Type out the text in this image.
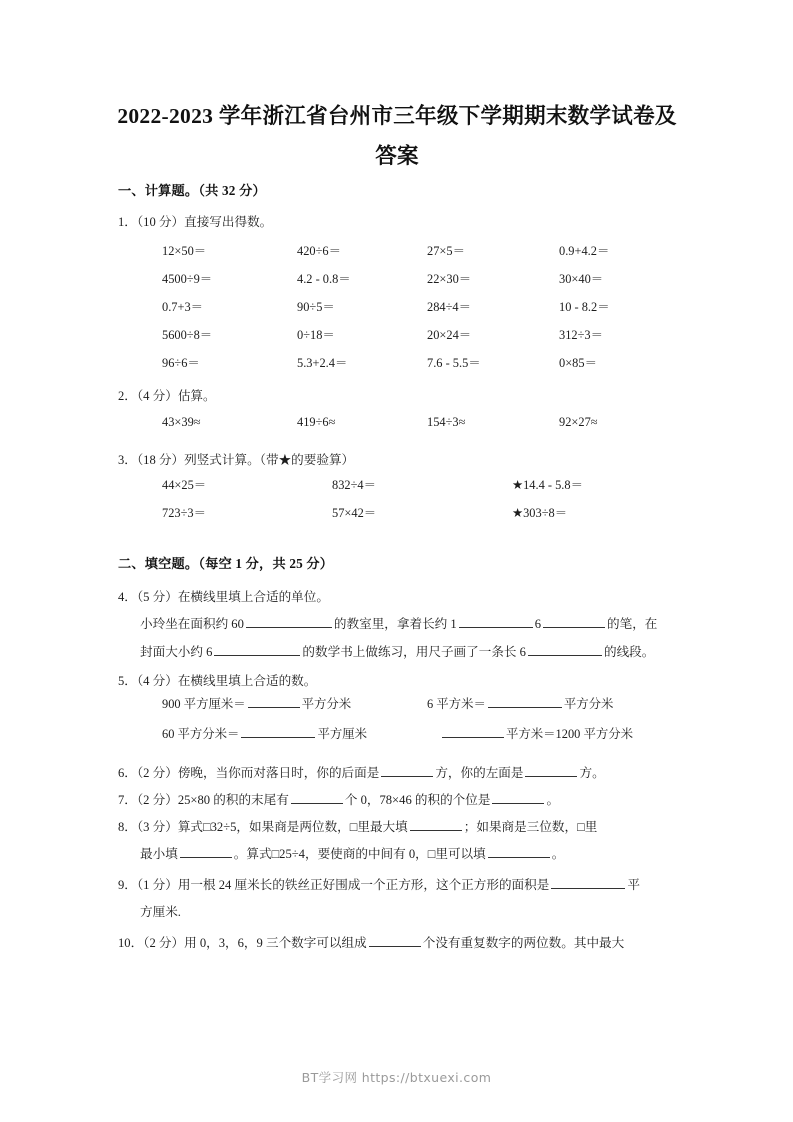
2022-2023 学年浙江省台州市三年级下学期期末数学试卷及答案
一、计算题。（共 32 分）
1．（10 分）直接写出得数。
12×50＝	420÷6＝	27×5＝	0.9+4.2＝
4500÷9＝	4.2 - 0.8＝	22×30＝	30×40＝
0.7+3＝	90÷5＝	284÷4＝	10 - 8.2＝
5600÷8＝	0÷18＝	20×24＝	312÷3＝
96÷6＝	5.3+2.4＝	7.6 - 5.5＝	0×85＝
2．（4 分）估算。
43×39≈	419÷6≈	154÷3≈	92×27≈
3．（18 分）列竖式计算。（带★的要验算）
44×25＝	832÷4＝	★14.4 - 5.8＝
723÷3＝	57×42＝	★303÷8＝
二、填空题。（每空 1 分，共 25 分）
4．（5 分）在横线里填上合适的单位。
小玲坐在面积约 60	的教室里，拿着长约 1	6	的笔，在
封面大小约 6	的数学书上做练习，用尺子画了一条长 6	的线段。
5．（4 分）在横线里填上合适的数。
900 平方厘米＝	平方分米	6 平方米＝	平方分米
60 平方分米＝	平方厘米	平方米＝1200 平方分米
6．（2 分）傍晚，当你而对落日时，你的后面是	方，你的左面是	方。
7．（2 分）25×80 的积的末尾有	个 0，78×46 的积的个位是	。
8．（3 分）算式□32÷5，如果商是两位数，□里最大填	；如果商是三位数，□里
最小填	。算式□25÷4，要使商的中间有 0，□里可以填	。
9．（1 分）用一根 24 厘米长的铁丝正好围成一个正方形，这个正方形的面积是	平
方厘米.
10．（2 分）用 0，3，6，9 三个数字可以组成	个没有重复数字的两位数。其中最大
BT学习网 https://btxuexi.com
